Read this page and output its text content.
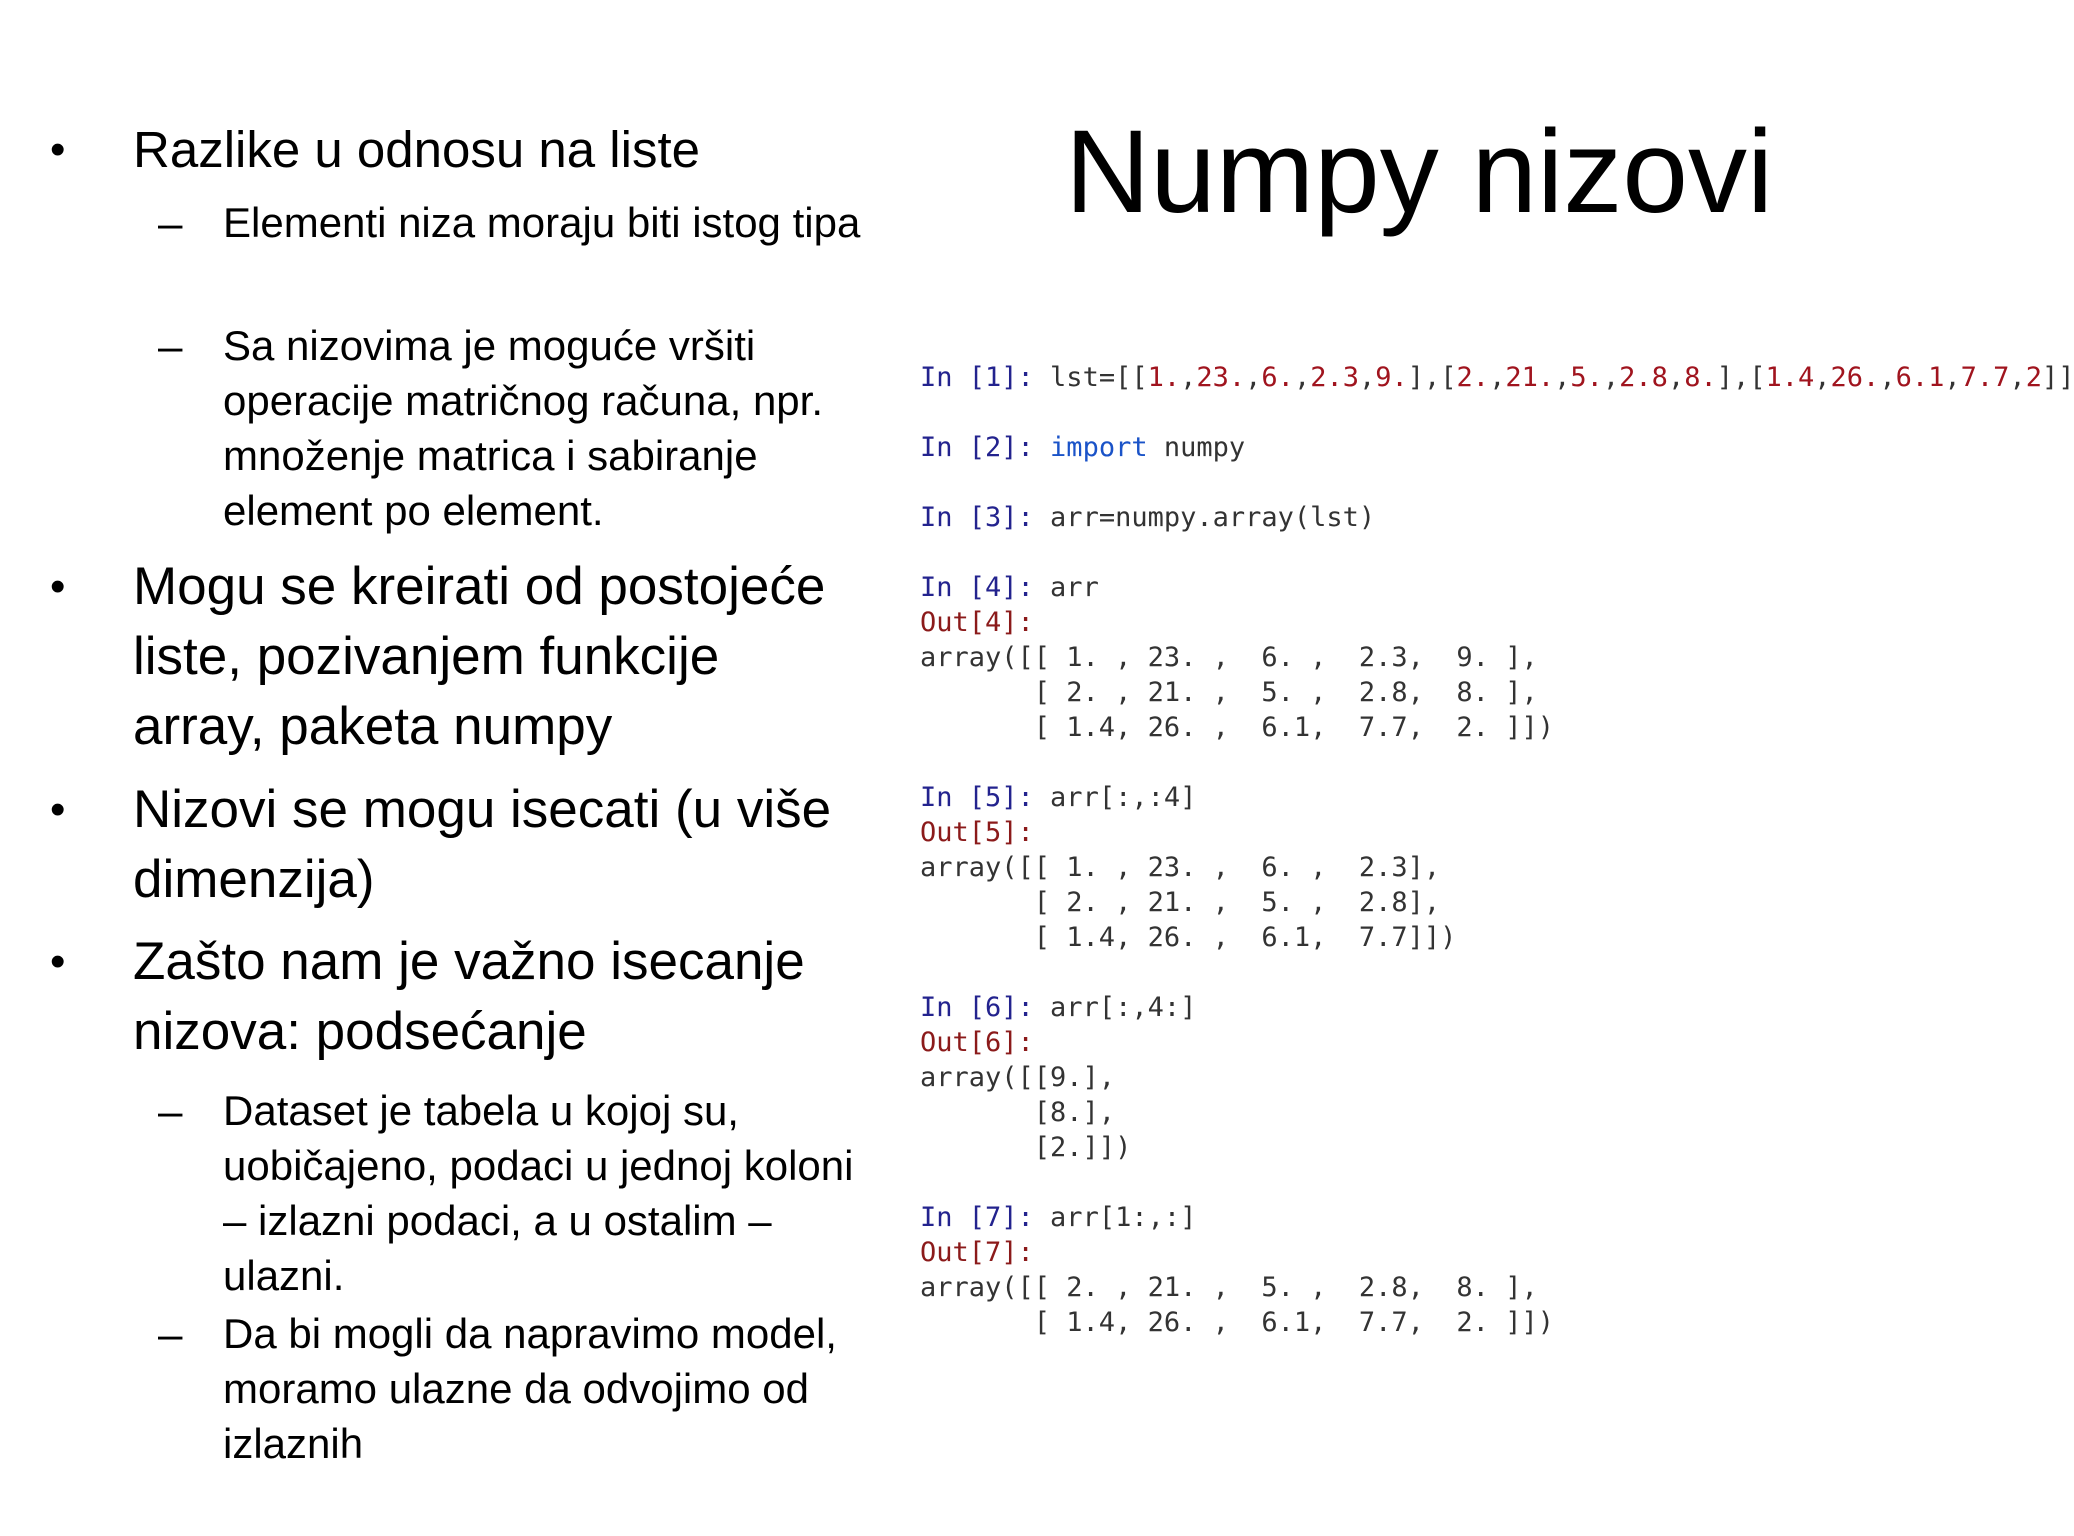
Numpy nizovi
• Razlike u odnosu na liste
– Elementi niza moraju biti istog tipa
– Sa nizovima je moguće vršiti operacije matričnog računa, npr. množenje matrica i sabiranje element po element.
• Mogu se kreirati od postojeće liste, pozivanjem funkcije array, paketa numpy
• Nizovi se mogu isecati (u više dimenzija)
• Zašto nam je važno isecanje nizova: podsećanje
– Dataset je tabela u kojoj su, uobičajeno, podaci u jednoj koloni – izlazni podaci, a u ostalim – ulazni.
– Da bi mogli da napravimo model, moramo ulazne da odvojimo od izlaznih
In [1]: lst=[[1.,23.,6.,2.3,9.],[2.,21.,5.,2.8,8.],[1.4,26.,6.1,7.7,2]]
In [2]: import numpy
In [3]: arr=numpy.array(lst)
In [4]: arr
Out[4]:
array([[ 1. , 23. ,  6. ,  2.3,  9. ],
[ 2. , 21. ,  5. ,  2.8,  8. ],
[ 1.4, 26. ,  6.1,  7.7,  2. ]])
In [5]: arr[:,:4]
Out[5]:
array([[ 1. , 23. ,  6. ,  2.3],
[ 2. , 21. ,  5. ,  2.8],
[ 1.4, 26. ,  6.1,  7.7]])
In [6]: arr[:,4:]
Out[6]:
array([[9.],
[8.],
[2.]])
In [7]: arr[1:,:]
Out[7]:
array([[ 2. , 21. ,  5. ,  2.8,  8. ],
[ 1.4, 26. ,  6.1,  7.7,  2. ]])
